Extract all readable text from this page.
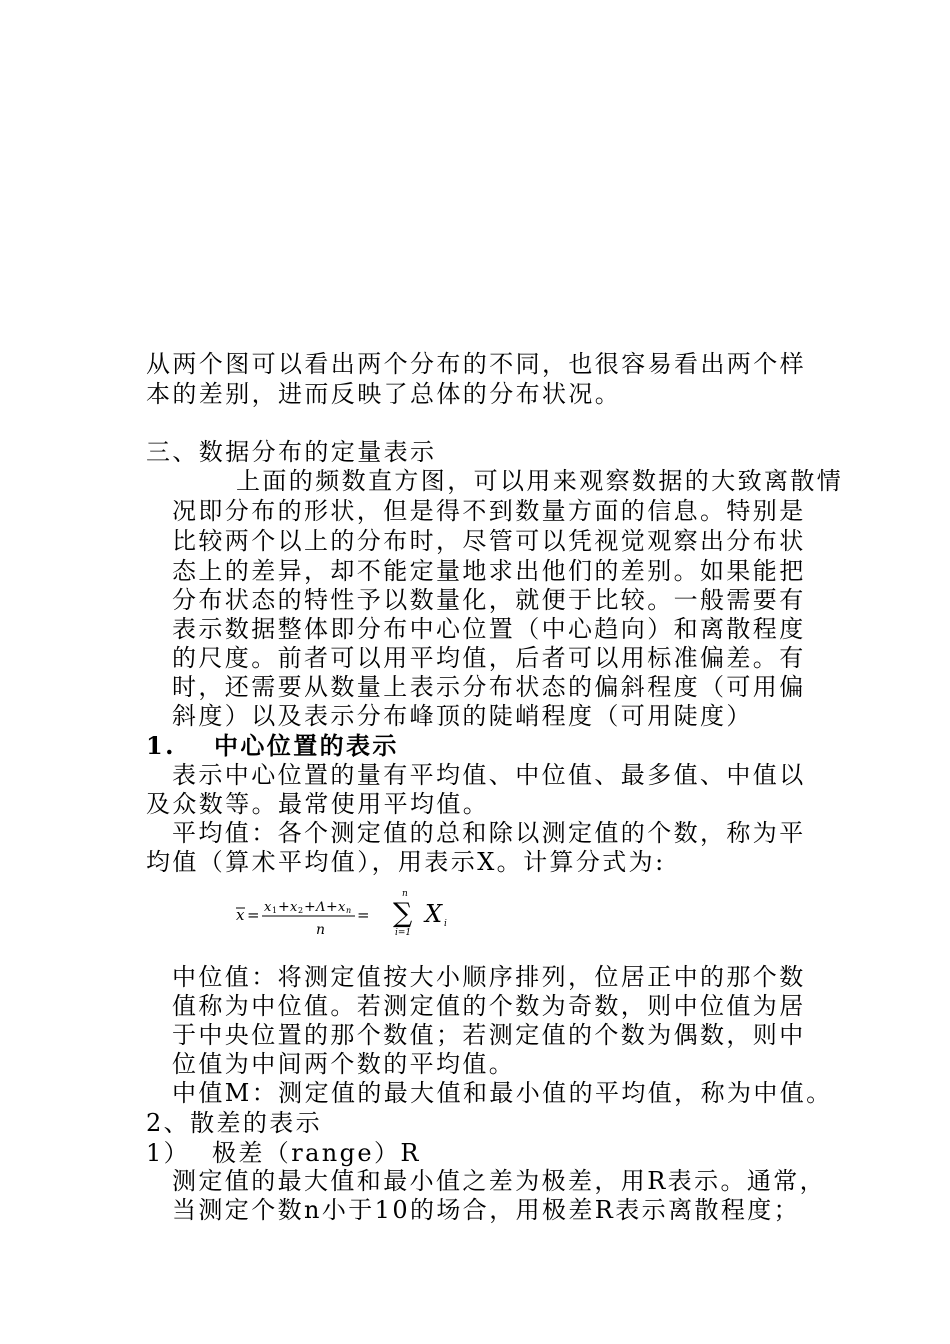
从两个图可以看出两个分布的不同，也很容易看出两个样
本的差别，进而反映了总体的分布状况。
三、数据分布的定量表示
上面的频数直方图，可以用来观察数据的大致离散情
况即分布的形状，但是得不到数量方面的信息。特别是
比较两个以上的分布时，尽管可以凭视觉观察出分布状
态上的差异，却不能定量地求出他们的差别。如果能把
分布状态的特性予以数量化，就便于比较。一般需要有
表示数据整体即分布中心位置（中心趋向）和离散程度
的尺度。前者可以用平均值，后者可以用标准偏差。有
时，还需要从数量上表示分布状态的偏斜程度（可用偏
斜度）以及表示分布峰顶的陡峭程度（可用陡度）
1. 中心位置的表示
表示中心位置的量有平均值、中位值、最多值、中值以
及众数等。最常使用平均值。
平均值：各个测定值的总和除以测定值的个数，称为平
均值（算术平均值），用表示X。计算分式为:
x = x 1 + x 2 + Λ + x n
n
=
n
∑
i=1
X i
中位值：将测定值按大小顺序排列，位居正中的那个数
值称为中位值。若测定值的个数为奇数，则中位值为居
于中央位置的那个数值；若测定值的个数为偶数，则中
位值为中间两个数的平均值。
中值M：测定值的最大值和最小值的平均值，称为中值。
2、散差的表示
1） 极差（range）R
测定值的最大值和最小值之差为极差，用R表示。通常，
当测定个数n小于10的场合，用极差R表示离散程度；
